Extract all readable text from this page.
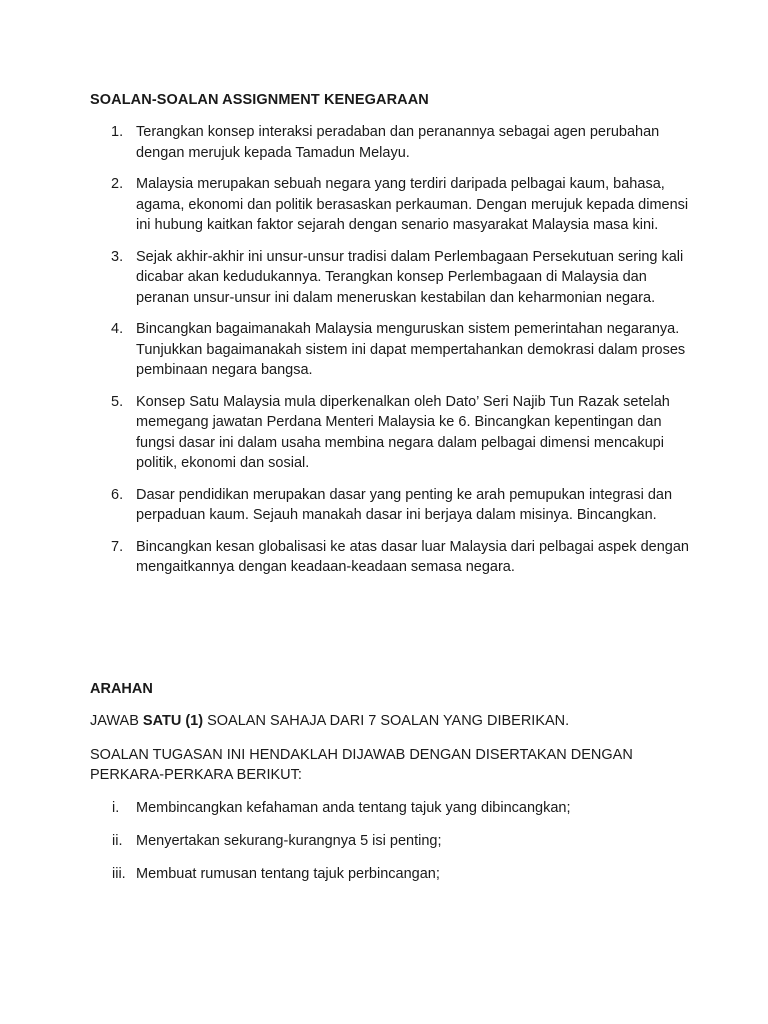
SOALAN-SOALAN ASSIGNMENT KENEGARAAN
1. Terangkan konsep interaksi peradaban dan peranannya sebagai agen perubahan dengan merujuk kepada Tamadun Melayu.
2. Malaysia merupakan sebuah negara yang terdiri daripada pelbagai kaum, bahasa, agama, ekonomi dan politik berasaskan perkauman. Dengan merujuk kepada dimensi ini hubung kaitkan faktor sejarah dengan senario masyarakat Malaysia masa kini.
3. Sejak akhir-akhir ini unsur-unsur tradisi dalam Perlembagaan Persekutuan sering kali dicabar akan kedudukannya. Terangkan konsep Perlembagaan di Malaysia dan peranan unsur-unsur ini dalam meneruskan kestabilan dan keharmonian negara.
4. Bincangkan bagaimanakah Malaysia menguruskan sistem pemerintahan negaranya. Tunjukkan bagaimanakah sistem ini dapat mempertahankan demokrasi dalam proses pembinaan negara bangsa.
5. Konsep Satu Malaysia mula diperkenalkan oleh Dato’ Seri Najib Tun Razak setelah memegang jawatan Perdana Menteri Malaysia ke 6. Bincangkan kepentingan dan fungsi dasar ini dalam usaha membina negara dalam pelbagai dimensi mencakupi politik, ekonomi dan sosial.
6. Dasar pendidikan merupakan dasar yang penting ke arah pemupukan integrasi dan perpaduan kaum. Sejauh manakah dasar ini berjaya dalam misinya. Bincangkan.
7. Bincangkan kesan globalisasi ke atas dasar luar Malaysia dari pelbagai aspek dengan mengaitkannya dengan keadaan-keadaan semasa negara.
ARAHAN

JAWAB SATU (1) SOALAN SAHAJA DARI 7 SOALAN YANG DIBERIKAN.

SOALAN TUGASAN INI HENDAKLAH DIJAWAB DENGAN DISERTAKAN DENGAN PERKARA-PERKARA BERIKUT:

i. Membincangkan kefahaman anda tentang tajuk yang dibincangkan;
ii. Menyertakan sekurang-kurangnya 5 isi penting;
iii. Membuat rumusan tentang tajuk perbincangan;
